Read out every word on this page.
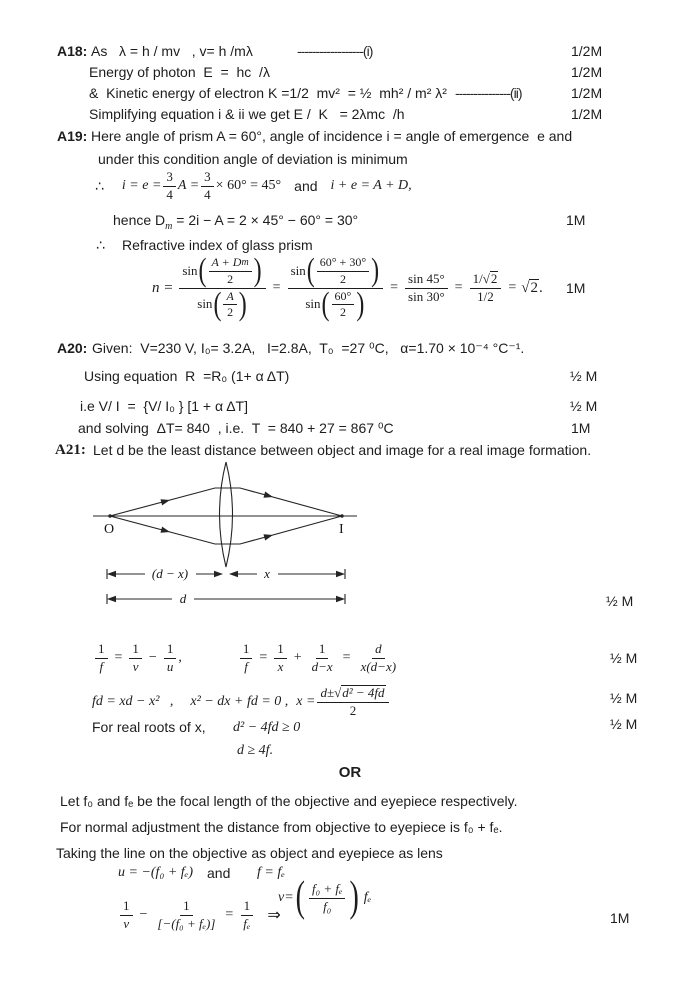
A18: As   λ = h / mv   , v= h /mλ	------------------(i)	1/2M
Energy of photon  E  =  hc  /λ	1/2M
&  Kinetic energy of electron K =1/2  mv²  = ½  mh² / m² λ² ---------------(ii)	1/2M
Simplifying equation i & ii we get E /  K   = 2λmc  /h	1/2M
A19: Here angle of prism A = 60°, angle of incidence i = angle of emergence  e and
under this condition angle of deviation is minimum
∴ $i = e = \frac{3}{4}$ $A = \frac{3}{4} \times 60^\circ = 45^\circ$ and i + e = A + D,
hence $D_m = 2i - A = 2 \times 45^\circ - 60^\circ = 30^\circ$	1M
∴ Refractive index of glass prism
n = sin ( A + D m
2 )
sin ( A
2 ) = sin ( 60° + 30°
2 )
sin ( 60°
2 ) = $\frac{\sin 45^\circ}{\sin 30^\circ} = \frac{1/ √ 2}{1/2} = √2$. 1M
A20: Given:  V=230 V, I₀= 3.2A,   I=2.8A,  T₀  =27 ⁰C,   α=1.70 × 10⁻⁴ °C⁻¹.
Using equation  R  =R₀ (1+ α ΔT)	½ M
i.e V/ I  =  {V/ I₀ } [1 + α ΔT]	½ M
and solving  ΔT= 840  , i.e.  T  = 840 + 27 = 867 ⁰C	1M
A21: Let d be the least distance between object and image for a real image formation.
O	I
(d − x)	x
d	½ M
$\frac{1}{f} = \frac{1}{v} - \frac{1}{u}$ ,	$\frac{1}{f} = \frac{1}{x} + \frac{1}{d-x} = \frac{d}{x(d-x)}$	½ M
fd = xd − x²   , x² − dx + fd = 0 , $x = \frac{\text{d± √ d² − 4fd}}{2}$	½ M
For real roots of x, d² − 4fd ≥ 0	½ M
d ≥ 4f.
OR
Let f₀ and fₑ be the focal length of the objective and eyepiece respectively.
For normal adjustment the distance from objective to eyepiece is f₀ + fₑ.
Taking the line on the objective as object and eyepiece as lens
u = −(f₀ + fₑ) and f = fₑ
1
v
− $\frac{1}{\text{[−(f₀ + fₑ)]}} = \frac{1}{\text{fₑ}}$ ⇒
v= ( f₀ + fₑ
f₀ ) fₑ
1M
